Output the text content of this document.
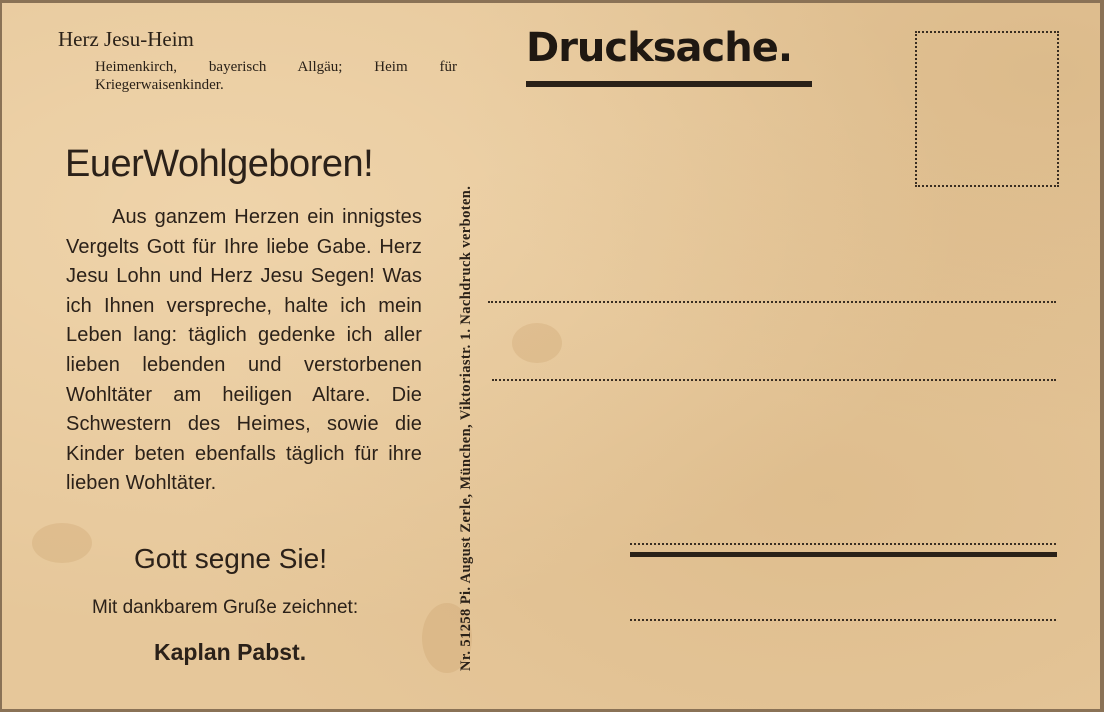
Herz Jesu-Heim
Heimenkirch, bayerisch Allgäu; Heim für Kriegerwaisenkinder.
EuerWohlgeboren!
Aus ganzem Herzen ein innigstes Vergelts Gott für Ihre liebe Gabe. Herz Jesu Lohn und Herz Jesu Segen! Was ich Ihnen verspreche, halte ich mein Leben lang: täglich gedenke ich aller lieben lebenden und verstorbenen Wohltäter am heiligen Altare. Die Schwestern des Heimes, sowie die Kinder beten ebenfalls täglich für ihre lieben Wohltäter.
Gott segne Sie!
Mit dankbarem Gruße zeichnet:
Kaplan Pabst.	Nr. 51258 Pi. August Zerle, München, Viktoriastr. 1. Nachdruck verboten.
Drucksache.
